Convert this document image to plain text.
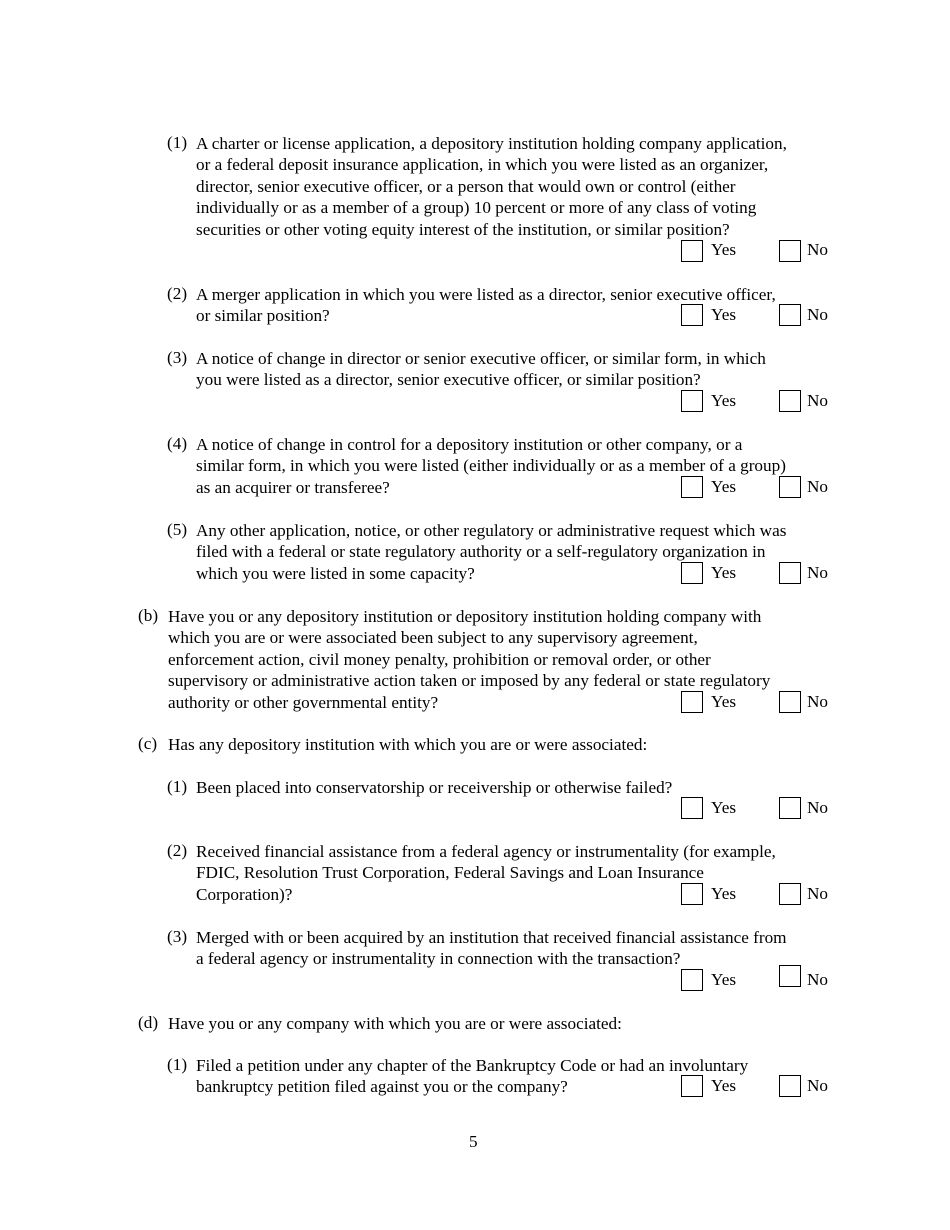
(1) A charter or license application, a depository institution holding company application,
or a federal deposit insurance application, in which you were listed as an organizer,
director, senior executive officer, or a person that would own or control (either
individually or as a member of a group) 10 percent or more of any class of voting
securities or other voting equity interest of the institution, or similar position?
Yes	No
(2) A merger application in which you were listed as a director, senior executive officer,
or similar position?	Yes	No
(3) A notice of change in director or senior executive officer, or similar form, in which
you were listed as a director, senior executive officer, or similar position?
Yes	No
(4) A notice of change in control for a depository institution or other company, or a
similar form, in which you were listed (either individually or as a member of a group)
as an acquirer or transferee?	Yes	No
(5) Any other application, notice, or other regulatory or administrative request which was
filed with a federal or state regulatory authority or a self-regulatory organization in
which you were listed in some capacity?	Yes	No
(b) Have you or any depository institution or depository institution holding company with
which you are or were associated been subject to any supervisory agreement,
enforcement action, civil money penalty, prohibition or removal order, or other
supervisory or administrative action taken or imposed by any federal or state regulatory
authority or other governmental entity?	Yes	No
(c) Has any depository institution with which you are or were associated:
(1) Been placed into conservatorship or receivership or otherwise failed?
Yes	No
(2) Received financial assistance from a federal agency or instrumentality (for example,
FDIC, Resolution Trust Corporation, Federal Savings and Loan Insurance
Corporation)?	Yes	No
(3) Merged with or been acquired by an institution that received financial assistance from
a federal agency or instrumentality in connection with the transaction?
Yes	No
(d) Have you or any company with which you are or were associated:
(1) Filed a petition under any chapter of the Bankruptcy Code or had an involuntary
bankruptcy petition filed against you or the company?	Yes	No
5
